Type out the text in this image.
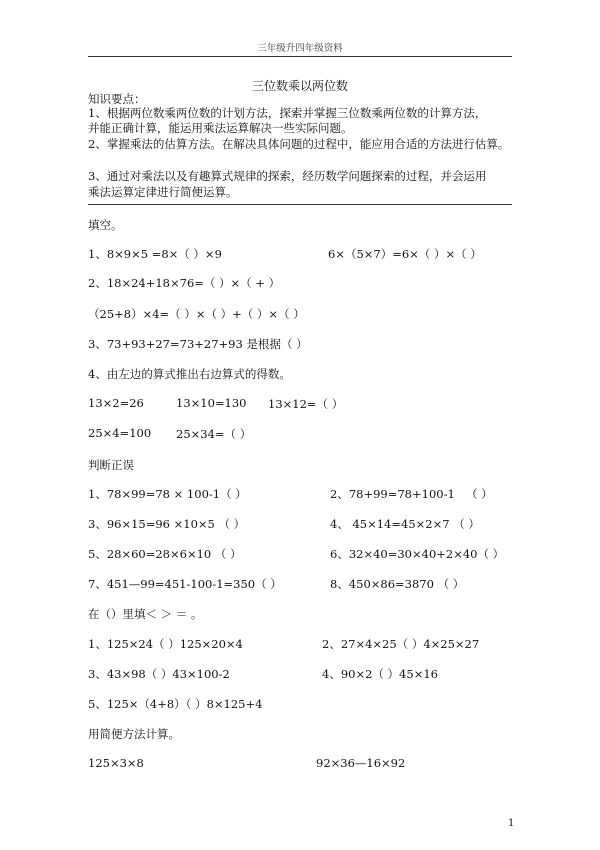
三年级升四年级资料
三位数乘以两位数
知识要点：
1、根据两位数乘两位数的计划方法，探索并掌握三位数乘两位数的计算方法，
并能正确计算，能运用乘法运算解决一些实际问题。
2、掌握乘法的估算方法。在解决具体问题的过程中，能应用合适的方法进行估算。
3、通过对乘法以及有趣算式规律的探索，经历数学问题探索的过程，并会运用
乘法运算定律进行简便运算。
填空。
1、8×9×5 =8×（ ）×9	6×（5×7）=6×（ ）×（ ）
2、18×24+18×76=（ ）×（ + ）
（25+8）×4=（ ）×（ ）+（ ）×（ ）
3、73+93+27=73+27+93 是根据（ ）
4、由左边的算式推出右边算式的得数。
13×2=26	13×10=130 13×12=（ ）
25×4=100 25×34=（ ）
判断正误
1、78×99=78 × 100-1（ ）	2、78+99=78+100-1 （ ）
3、96×15=96 ×10×5 （ ）	4、 45×14=45×2×7 （ ）
5、28×60=28×6×10 （ ）	6、32×40=30×40+2×40（ ）
7、451—99=451-100-1=350（ ）	8、450×86=3870 （ ）
在（）里填＜ ＞ ＝ 。
1、125×24（ ）125×20×4	2、27×4×25（ ）4×25×27
3、43×98（ ）43×100-2	4、90×2（ ）45×16
5、125×（4+8）（ ）8×125+4
用简便方法计算。
125×3×8	92×36—16×92
1
